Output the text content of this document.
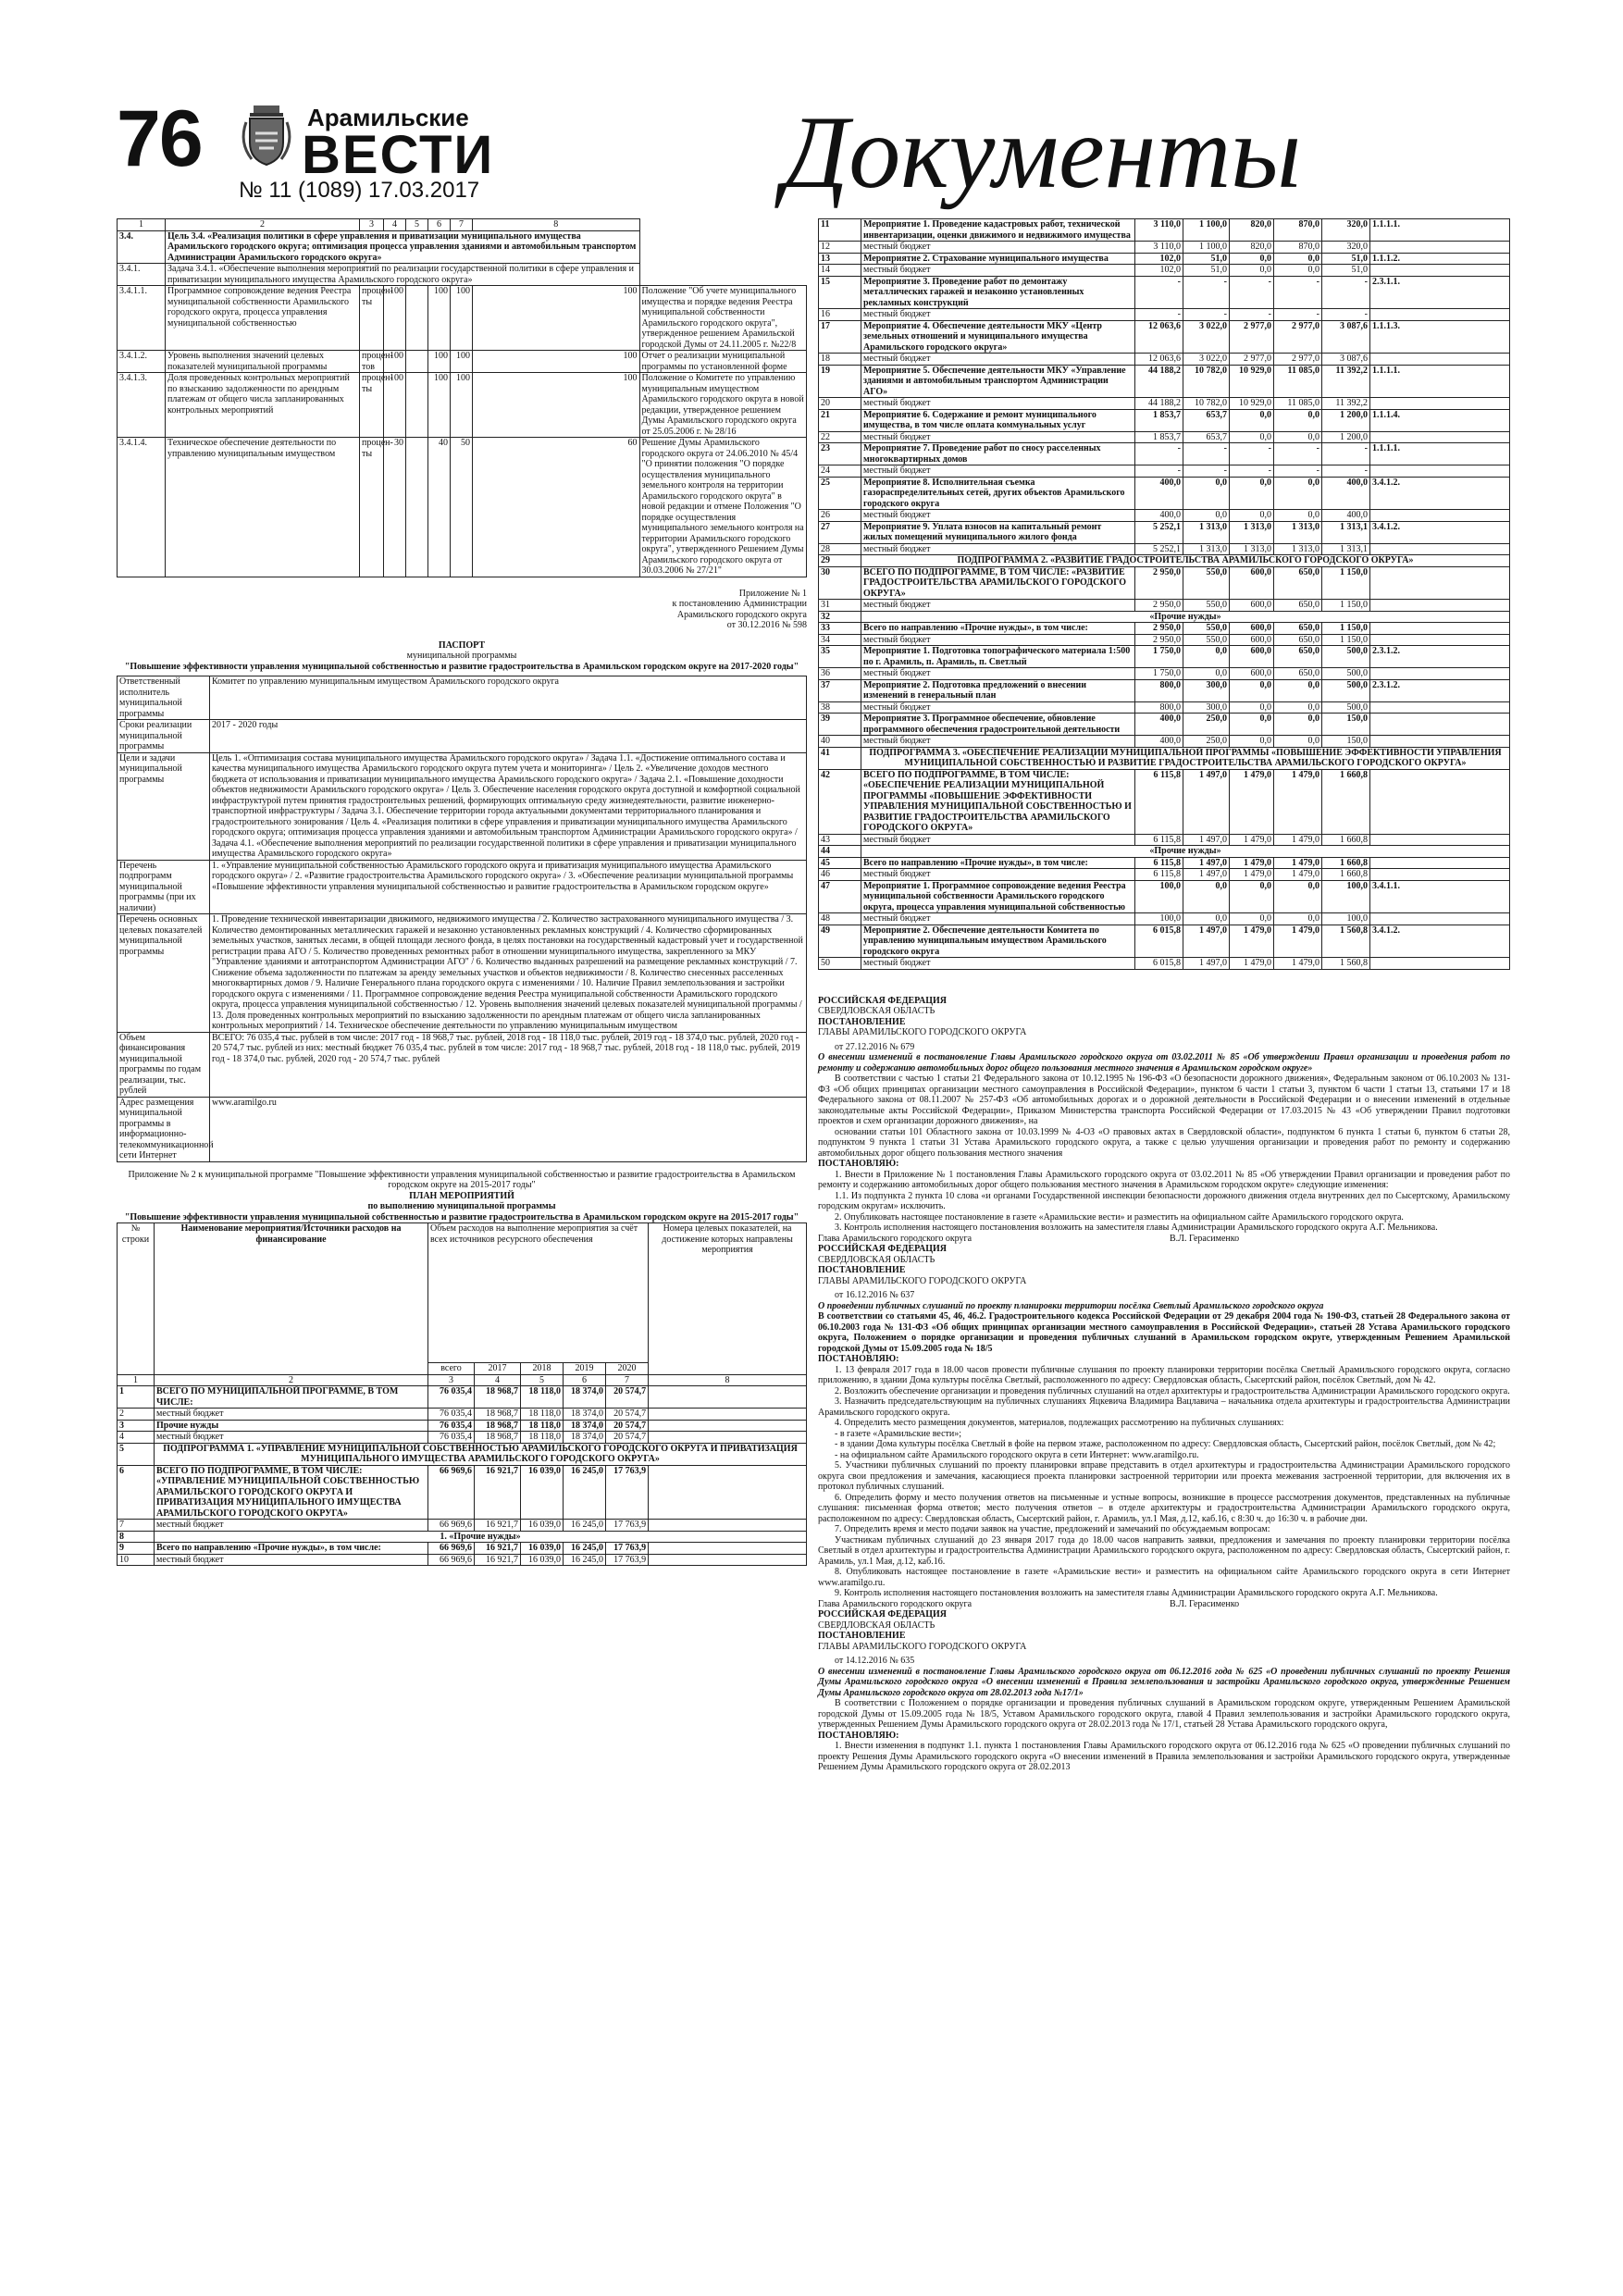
76	Арамильские
ВЕСТИ
№ 11 (1089) 17.03.2017	Документы
1	2	3	4	5	6	7	8	
3.4.	Цель 3.4. «Реализация политики в сфере управления и приватизации муниципального имущества Арамильского городского округа; оптимизация процесса управления зданиями и автомобильным транспортом Администрации Арамильского городского округа»							
3.4.1.	Задача 3.4.1. «Обеспечение выполнения мероприятий по реализации государственной политики в сфере управления и приватизации муниципального имущества Арамильского городского округа»							
3.4.1.1.	Программное сопровождение ведения Реестра муниципальной собственности Арамильского городского округа, процесса управления муниципальной собственностью	процен-ты	100		100	100	100	Положение "Об учете муниципального имущества и порядке ведения Реестра муниципальной собственности Арамильского городского округа", утвержденное решением Арамильской городской Думы от 24.11.2005 г. №22/8
3.4.1.2.	Уровень выполнения значений целевых показателей муниципальной программы	процен-тов	100		100	100	100	Отчет о реализации муниципальной программы по установленной форме
3.4.1.3.	Доля проведенных контрольных мероприятий по взысканию задолженности по арендным платежам от общего числа запланированных контрольных мероприятий	процен-ты	100		100	100	100	Положение о Комитете по управлению муниципальным имуществом Арамильского городского округа в новой редакции, утвержденное решением Думы Арамильского городского округа от 25.05.2006 г. № 28/16
3.4.1.4.	Техническое обеспечение деятельности по управлению муниципальным имуществом	процен-ты	30		40	50	60	Решение Думы Арамильского городского округа от 24.06.2010 № 45/4 "О принятии положения "О порядке осуществления муниципального земельного контроля на территории Арамильского городского округа" в новой редакции и отмене Положения "О порядке осуществления муниципального земельного контроля на территории Арамильского городского округа", утвержденного Решением Думы Арамильского городского округа от 30.03.2006 № 27/21"

Приложение № 1

к постановлению Администрации

Арамильского городского округа

от 30.12.2016 № 598

ПАСПОРТ

муниципальной программы

"Повышение эффективности управления муниципальной собственностью и развитие градостроительства в Арамильском городском округе на 2017-2020 годы"

Ответственный исполнитель муниципальной программы	Комитет по управлению муниципальным имуществом Арамильского городского округа
Сроки реализации муниципальной программы	2017 - 2020 годы
Цели и задачи муниципальной программы	Цель 1. «Оптимизация состава муниципального имущества Арамильского городского округа» / Задача 1.1. «Достижение оптимального состава и качества муниципального имущества Арамильского городского округа путем учета и мониторинга» / Цель 2. «Увеличение доходов местного бюджета от использования и приватизации муниципального имущества Арамильского городского округа» / Задача 2.1. «Повышение доходности объектов недвижимости Арамильского городского округа» / Цель 3. Обеспечение населения городского округа доступной и комфортной социальной инфраструктурой путем принятия градостроительных решений, формирующих оптимальную среду жизнедеятельности, развитие инженерно-транспортной инфраструктуры / Задача 3.1. Обеспечение территории города актуальными документами территориального планирования и градостроительного зонирования / Цель 4. «Реализация политики в сфере управления и приватизации муниципального имущества Арамильского городского округа; оптимизация процесса управления зданиями и автомобильным транспортом Администрации Арамильского городского округа» / Задача 4.1. «Обеспечение выполнения мероприятий по реализации государственной политики в сфере управления и приватизации муниципального имущества Арамильского городского округа»
Перечень подпрограмм муниципальной программы (при их наличии)	1. «Управление муниципальной собственностью Арамильского городского округа и приватизация муниципального имущества Арамильского городского округа» / 2. «Развитие градостроительства Арамильского городского округа» / 3. «Обеспечение реализации муниципальной программы «Повышение эффективности управления муниципальной собственностью и развитие градостроительства в Арамильском городском округе»
Перечень основных целевых показателей муниципальной программы	1. Проведение технической инвентаризации движимого, недвижимого имущества / 2. Количество застрахованного муниципального имущества / 3. Количество демонтированных металлических гаражей и незаконно установленных рекламных конструкций / 4. Количество сформированных земельных участков, занятых лесами, в общей площади лесного фонда, в целях постановки на государственный кадастровый учет и государственной регистрации права АГО / 5. Количество проведенных ремонтных работ в отношении муниципального имущества, закрепленного за МКУ "Управление зданиями и автотранспортом Администрации АГО" / 6. Количество выданных разрешений на размещение рекламных конструкций / 7. Снижение объема задолженности по платежам за аренду земельных участков и объектов недвижимости / 8. Количество снесенных расселенных многоквартирных домов / 9. Наличие Генерального плана городского округа с изменениями / 10. Наличие Правил землепользования и застройки городского округа с изменениями / 11. Программное сопровождение ведения Реестра муниципальной собственности Арамильского городского округа, процесса управления муниципальной собственностью / 12. Уровень выполнения значений целевых показателей муниципальной программы / 13. Доля проведенных контрольных мероприятий по взысканию задолженности по арендным платежам от общего числа запланированных контрольных мероприятий / 14. Техническое обеспечение деятельности по управлению муниципальным имуществом
Объем финансирования муниципальной программы по годам реализации, тыс. рублей	ВСЕГО: 76 035,4 тыс. рублей в том числе: 2017 год - 18 968,7 тыс. рублей, 2018 год - 18 118,0 тыс. рублей, 2019 год - 18 374,0 тыс. рублей, 2020 год - 20 574,7 тыс. рублей из них: местный бюджет 76 035,4 тыс. рублей в том числе: 2017 год - 18 968,7 тыс. рублей, 2018 год - 18 118,0 тыс. рублей, 2019 год - 18 374,0 тыс. рублей, 2020 год - 20 574,7 тыс. рублей
Адрес размещения муниципальной программы в информационно-телекоммуникационной сети Интернет	www.aramilgo.ru

Приложение № 2 к муниципальной программе "Повышение эффективности управления муниципальной собственностью и развитие градостроительства в Арамильском городском округе на 2015-2017 годы"

ПЛАН МЕРОПРИЯТИЙ

по выполнению муниципальной программы

"Повышение эффективности управления муниципальной собственностью и развитие градостроительства в Арамильском городском округе на 2015-2017 годы"

№ строки	Наименование мероприятия/Источники расходов на финансирование	Объем расходов на выполнение мероприятия за счёт всех источников ресурсного обеспечения					Номера целевых показателей, на достижение которых направлены мероприятия
		всего	2017	2018	2019	2020	
1	2	3	4	5	6	7	8
1	ВСЕГО ПО МУНИЦИПАЛЬНОЙ ПРОГРАММЕ, В ТОМ ЧИСЛЕ:	76 035,4	18 968,7	18 118,0	18 374,0	20 574,7	
2	местный бюджет	76 035,4	18 968,7	18 118,0	18 374,0	20 574,7	
3	Прочие нужды	76 035,4	18 968,7	18 118,0	18 374,0	20 574,7	
4	местный бюджет	76 035,4	18 968,7	18 118,0	18 374,0	20 574,7	
5	ПОДПРОГРАММА 1. «УПРАВЛЕНИЕ МУНИЦИПАЛЬНОЙ СОБСТВЕННОСТЬЮ АРАМИЛЬСКОГО ГОРОДСКОГО ОКРУГА И ПРИВАТИЗАЦИЯ МУНИЦИПАЛЬНОГО ИМУЩЕСТВА АРАМИЛЬСКОГО ГОРОДСКОГО ОКРУГА»						
6	ВСЕГО ПО ПОДПРОГРАММЕ, В ТОМ ЧИСЛЕ: «УПРАВЛЕНИЕ МУНИЦИПАЛЬНОЙ СОБСТВЕННОСТЬЮ АРАМИЛЬСКОГО ГОРОДСКОГО ОКРУГА И ПРИВАТИЗАЦИЯ МУНИЦИПАЛЬНОГО ИМУЩЕСТВА АРАМИЛЬСКОГО ГОРОДСКОГО ОКРУГА»	66 969,6	16 921,7	16 039,0	16 245,0	17 763,9	
7	местный бюджет	66 969,6	16 921,7	16 039,0	16 245,0	17 763,9	
8	1. «Прочие нужды»						
9	Всего по направлению «Прочие нужды», в том числе:	66 969,6	16 921,7	16 039,0	16 245,0	17 763,9	
10	местный бюджет	66 969,6	16 921,7	16 039,0	16 245,0	17 763,9	
11	Мероприятие 1. Проведение кадастровых работ, технической инвентаризации, оценки движимого и недвижимого имущества	3 110,0	1 100,0	820,0	870,0	320,0	1.1.1.1.
12	местный бюджет	3 110,0	1 100,0	820,0	870,0	320,0	
13	Мероприятие 2. Страхование муниципального имущества	102,0	51,0	0,0	0,0	51,0	1.1.1.2.
14	местный бюджет	102,0	51,0	0,0	0,0	51,0	
15	Мероприятие 3. Проведение работ по демонтажу металлических гаражей и незаконно установленных рекламных конструкций	-	-	-	-	-	2.3.1.1.
16	местный бюджет	-	-	-	-	-	
17	Мероприятие 4. Обеспечение деятельности МКУ «Центр земельных отношений и муниципального имущества Арамильского городского округа»	12 063,6	3 022,0	2 977,0	2 977,0	3 087,6	1.1.1.3.
18	местный бюджет	12 063,6	3 022,0	2 977,0	2 977,0	3 087,6	
19	Мероприятие 5. Обеспечение деятельности МКУ «Управление зданиями и автомобильным транспортом Администрации АГО»	44 188,2	10 782,0	10 929,0	11 085,0	11 392,2	1.1.1.1.
20	местный бюджет	44 188,2	10 782,0	10 929,0	11 085,0	11 392,2	
21	Мероприятие 6. Содержание и ремонт муниципального имущества, в том числе оплата коммунальных услуг	1 853,7	653,7	0,0	0,0	1 200,0	1.1.1.4.
22	местный бюджет	1 853,7	653,7	0,0	0,0	1 200,0	
23	Мероприятие 7. Проведение работ по сносу расселенных многоквартирных домов	-	-	-	-	-	1.1.1.1.
24	местный бюджет	-	-	-	-	-	
25	Мероприятие 8. Исполнительная съемка газораспределительных сетей, других объектов Арамильского городского округа	400,0	0,0	0,0	0,0	400,0	3.4.1.2.
26	местный бюджет	400,0	0,0	0,0	0,0	400,0	
27	Мероприятие 9. Уплата взносов на капитальный ремонт жилых помещений муниципального жилого фонда	5 252,1	1 313,0	1 313,0	1 313,0	1 313,1	3.4.1.2.
28	местный бюджет	5 252,1	1 313,0	1 313,0	1 313,0	1 313,1	
29	ПОДПРОГРАММА 2. «РАЗВИТИЕ ГРАДОСТРОИТЕЛЬСТВА АРАМИЛЬСКОГО ГОРОДСКОГО ОКРУГА»						
30	ВСЕГО ПО ПОДПРОГРАММЕ, В ТОМ ЧИСЛЕ: «РАЗВИТИЕ ГРАДОСТРОИТЕЛЬСТВА АРАМИЛЬСКОГО ГОРОДСКОГО ОКРУГА»	2 950,0	550,0	600,0	650,0	1 150,0	
31	местный бюджет	2 950,0	550,0	600,0	650,0	1 150,0	
32	«Прочие нужды»						
33	Всего по направлению «Прочие нужды», в том числе:	2 950,0	550,0	600,0	650,0	1 150,0	
34	местный бюджет	2 950,0	550,0	600,0	650,0	1 150,0	
35	Мероприятие 1. Подготовка топографического материала 1:500 по г. Арамиль, п. Арамиль, п. Светлый	1 750,0	0,0	600,0	650,0	500,0	2.3.1.2.
36	местный бюджет	1 750,0	0,0	600,0	650,0	500,0	
37	Мероприятие 2. Подготовка предложений о внесении изменений в генеральный план	800,0	300,0	0,0	0,0	500,0	2.3.1.2.
38	местный бюджет	800,0	300,0	0,0	0,0	500,0	
39	Мероприятие 3. Программное обеспечение, обновление программного обеспечения градостроительной деятельности	400,0	250,0	0,0	0,0	150,0	
40	местный бюджет	400,0	250,0	0,0	0,0	150,0	
41	ПОДПРОГРАММА 3. «ОБЕСПЕЧЕНИЕ РЕАЛИЗАЦИИ МУНИЦИПАЛЬНОЙ ПРОГРАММЫ «ПОВЫШЕНИЕ ЭФФЕКТИВНОСТИ УПРАВЛЕНИЯ МУНИЦИПАЛЬНОЙ СОБСТВЕННОСТЬЮ И РАЗВИТИЕ ГРАДОСТРОИТЕЛЬСТВА АРАМИЛЬСКОГО ГОРОДСКОГО ОКРУГА»						
42	ВСЕГО ПО ПОДПРОГРАММЕ, В ТОМ ЧИСЛЕ: «ОБЕСПЕЧЕНИЕ РЕАЛИЗАЦИИ МУНИЦИПАЛЬНОЙ ПРОГРАММЫ «ПОВЫШЕНИЕ ЭФФЕКТИВНОСТИ УПРАВЛЕНИЯ МУНИЦИПАЛЬНОЙ СОБСТВЕННОСТЬЮ И РАЗВИТИЕ ГРАДОСТРОИТЕЛЬСТВА АРАМИЛЬСКОГО ГОРОДСКОГО ОКРУГА»	6 115,8	1 497,0	1 479,0	1 479,0	1 660,8	
43	местный бюджет	6 115,8	1 497,0	1 479,0	1 479,0	1 660,8	
44	«Прочие нужды»						
45	Всего по направлению «Прочие нужды», в том числе:	6 115,8	1 497,0	1 479,0	1 479,0	1 660,8	
46	местный бюджет	6 115,8	1 497,0	1 479,0	1 479,0	1 660,8	
47	Мероприятие 1. Программное сопровождение ведения Реестра муниципальной собственности Арамильского городского округа, процесса управления муниципальной собственностью	100,0	0,0	0,0	0,0	100,0	3.4.1.1.
48	местный бюджет	100,0	0,0	0,0	0,0	100,0	
49	Мероприятие 2. Обеспечение деятельности Комитета по управлению муниципальным имуществом Арамильского городского округа	6 015,8	1 497,0	1 479,0	1 479,0	1 560,8	3.4.1.2.
50	местный бюджет	6 015,8	1 497,0	1 479,0	1 479,0	1 560,8	

РОССИЙСКАЯ ФЕДЕРАЦИЯ

СВЕРДЛОВСКАЯ ОБЛАСТЬ

ПОСТАНОВЛЕНИЕ

ГЛАВЫ АРАМИЛЬСКОГО ГОРОДСКОГО ОКРУГА

от 27.12.2016 № 679

О внесении изменений в постановление Главы Арамильского городского округа от 03.02.2011 № 85 «Об утверждении Правил организации и проведения работ по ремонту и содержанию автомобильных дорог общего пользования местного значения в Арамильском городском округе»

В соответствии с частью 1 статьи 21 Федерального закона от 10.12.1995 № 196-ФЗ «О безопасности дорожного движения», Федеральным законом от 06.10.2003 № 131-ФЗ «Об общих принципах организации местного самоуправления в Российской Федерации», пунктом 6 части 1 статьи 3, пунктом 6 части 1 статьи 13, статьями 17 и 18 Федерального закона от 08.11.2007 № 257-ФЗ «Об автомобильных дорогах и о дорожной деятельности в Российской Федерации и о внесении изменений в отдельные законодательные акты Российской Федерации», Приказом Министерства транспорта Российской Федерации от 17.03.2015 № 43 «Об утверждении Правил подготовки проектов и схем организации дорожного движения», на

основании статьи 101 Областного закона от 10.03.1999 № 4-ОЗ «О правовых актах в Свердловской области», подпунктом 6 пункта 1 статьи 6, пунктом 6 статьи 28, подпунктом 9 пункта 1 статьи 31 Устава Арамильского городского округа, а также с целью улучшения организации и проведения работ по ремонту и содержанию автомобильных дорог общего пользования местного значения

ПОСТАНОВЛЯЮ:

1. Внести в Приложение № 1 постановления Главы Арамильского городского округа от 03.02.2011 № 85 «Об утверждении Правил организации и проведения работ по ремонту и содержанию автомобильных дорог общего пользования местного значения в Арамильском городском округе» следующие изменения:

1.1. Из подпункта 2 пункта 10 слова «и органами Государственной инспекции безопасности дорожного движения отдела внутренних дел по Сысертскому, Арамильскому городским округам» исключить.

2. Опубликовать настоящее постановление в газете «Арамильские вести» и разместить на официальном сайте Арамильского городского округа.

3. Контроль исполнения настоящего постановления возложить на заместителя главы Администрации Арамильского городского округа А.Г. Мельникова.

Глава Арамильского городского округа	В.Л. Герасименко

РОССИЙСКАЯ ФЕДЕРАЦИЯ

СВЕРДЛОВСКАЯ ОБЛАСТЬ

ПОСТАНОВЛЕНИЕ

ГЛАВЫ АРАМИЛЬСКОГО ГОРОДСКОГО ОКРУГА

от 16.12.2016 № 637

О проведении публичных слушаний по проекту планировки территории посёлка Светлый Арамильского городского округа

В соответствии со статьями 45, 46, 46.2. Градостроительного кодекса Российской Федерации от 29 декабря 2004 года № 190-ФЗ, статьей 28 Федерального закона от 06.10.2003 года № 131-ФЗ «Об общих принципах организации местного самоуправления в Российской Федерации», статьей 28 Устава Арамильского городского округа, Положением о порядке организации и проведения публичных слушаний в Арамильском городском округе, утвержденным Решением Арамильской городской Думы от 15.09.2005 года № 18/5

ПОСТАНОВЛЯЮ:

1. 13 февраля 2017 года в 18.00 часов провести публичные слушания по проекту планировки территории посёлка Светлый Арамильского городского округа, согласно приложению, в здании Дома культуры посёлка Светлый, расположенного по адресу: Свердловская область, Сысертский район, посёлок Светлый, дом № 42.

2. Возложить обеспечение организации и проведения публичных слушаний на отдел архитектуры и градостроительства Администрации Арамильского городского округа.

3. Назначить председательствующим на публичных слушаниях Яцкевича Владимира Вацлавича – начальника отдела архитектуры и градостроительства Администрации Арамильского городского округа.

4. Определить место размещения документов, материалов, подлежащих рассмотрению на публичных слушаниях:

- в газете «Арамильские вести»;

- в здании Дома культуры посёлка Светлый в фойе на первом этаже, расположенном по адресу: Свердловская область, Сысертский район, посёлок Светлый, дом № 42;

- на официальном сайте Арамильского городского округа в сети Интернет: www.aramilgo.ru.

5. Участники публичных слушаний по проекту планировки вправе представить в отдел архитектуры и градостроительства Администрации Арамильского городского округа свои предложения и замечания, касающиеся проекта планировки застроенной территории или проекта межевания застроенной территории, для включения их в протокол публичных слушаний.

6. Определить форму и место получения ответов на письменные и устные вопросы, возникшие в процессе рассмотрения документов, представленных на публичные слушания: письменная форма ответов; место получения ответов – в отделе архитектуры и градостроительства Администрации Арамильского городского округа, расположенном по адресу: Свердловская область, Сысертский район, г. Арамиль, ул.1 Мая, д.12, каб.16, с 8:30 ч. до 16:30 ч. в рабочие дни.

7. Определить время и место подачи заявок на участие, предложений и замечаний по обсуждаемым вопросам:

Участникам публичных слушаний до 23 января 2017 года до 18.00 часов направить заявки, предложения и замечания по проекту планировки территории посёлка Светлый в отдел архитектуры и градостроительства Администрации Арамильского городского округа, расположенном по адресу: Свердловская область, Сысертский район, г. Арамиль, ул.1 Мая, д.12, каб.16.

8. Опубликовать настоящее постановление в газете «Арамильские вести» и разместить на официальном сайте Арамильского городского округа в сети Интернет www.aramilgo.ru.

9. Контроль исполнения настоящего постановления возложить на заместителя главы Администрации Арамильского городского округа А.Г. Мельникова.

Глава Арамильского городского округа	В.Л. Герасименко

РОССИЙСКАЯ ФЕДЕРАЦИЯ

СВЕРДЛОВСКАЯ ОБЛАСТЬ

ПОСТАНОВЛЕНИЕ

ГЛАВЫ АРАМИЛЬСКОГО ГОРОДСКОГО ОКРУГА

от 14.12.2016 № 635

О внесении изменений в постановление Главы Арамильского городского округа от 06.12.2016 года № 625 «О проведении публичных слушаний по проекту Решения Думы Арамильского городского округа «О внесении изменений в Правила землепользования и застройки Арамильского городского округа, утвержденные Решением Думы Арамильского городского округа от 28.02.2013 года №17/1»

В соответствии с Положением о порядке организации и проведения публичных слушаний в Арамильском городском округе, утвержденным Решением Арамильской городской Думы от 15.09.2005 года № 18/5, Уставом Арамильского городского округа, главой 4 Правил землепользования и застройки Арамильского городского округа, утвержденных Решением Думы Арамильского городского округа от 28.02.2013 года № 17/1, статьей 28 Устава Арамильского городского округа,

ПОСТАНОВЛЯЮ:

1. Внести изменения в подпункт 1.1. пункта 1 постановления Главы Арамильского городского округа от 06.12.2016 года № 625 «О проведении публичных слушаний по проекту Решения Думы Арамильского городского округа «О внесении изменений в Правила землепользования и застройки Арамильского городского округа, утвержденные Решением Думы Арамильского городского округа от 28.02.2013
